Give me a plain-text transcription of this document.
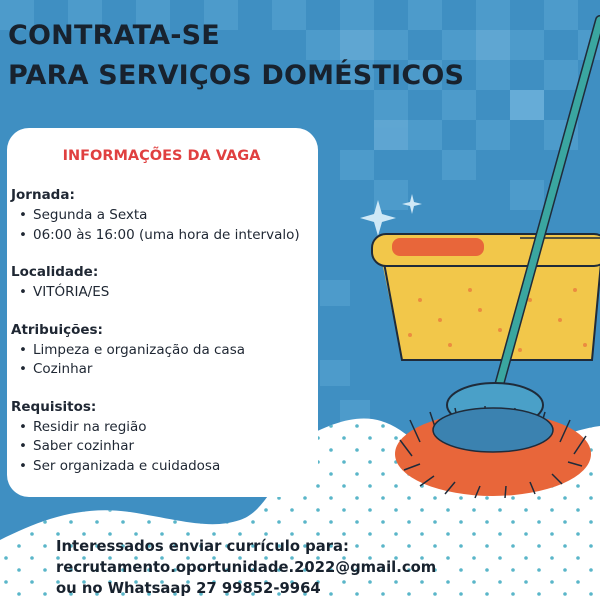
CONTRATA-SE
PARA SERVIÇOS DOMÉSTICOS

INFORMAÇÕES DA VAGA

Jornada:

• Segunda a Sexta
• 06:00 às 16:00 (uma hora de intervalo)

Localidade:

• VITÓRIA/ES

Atribuições:

• Limpeza e organização da casa
• Cozinhar

Requisitos:

• Residir na região
• Saber cozinhar
• Ser organizada e cuidadosa

Interessados enviar currículo para:
recrutamento.oportunidade.2022@gmail.com
ou no Whatsaap 27 99852-9964
